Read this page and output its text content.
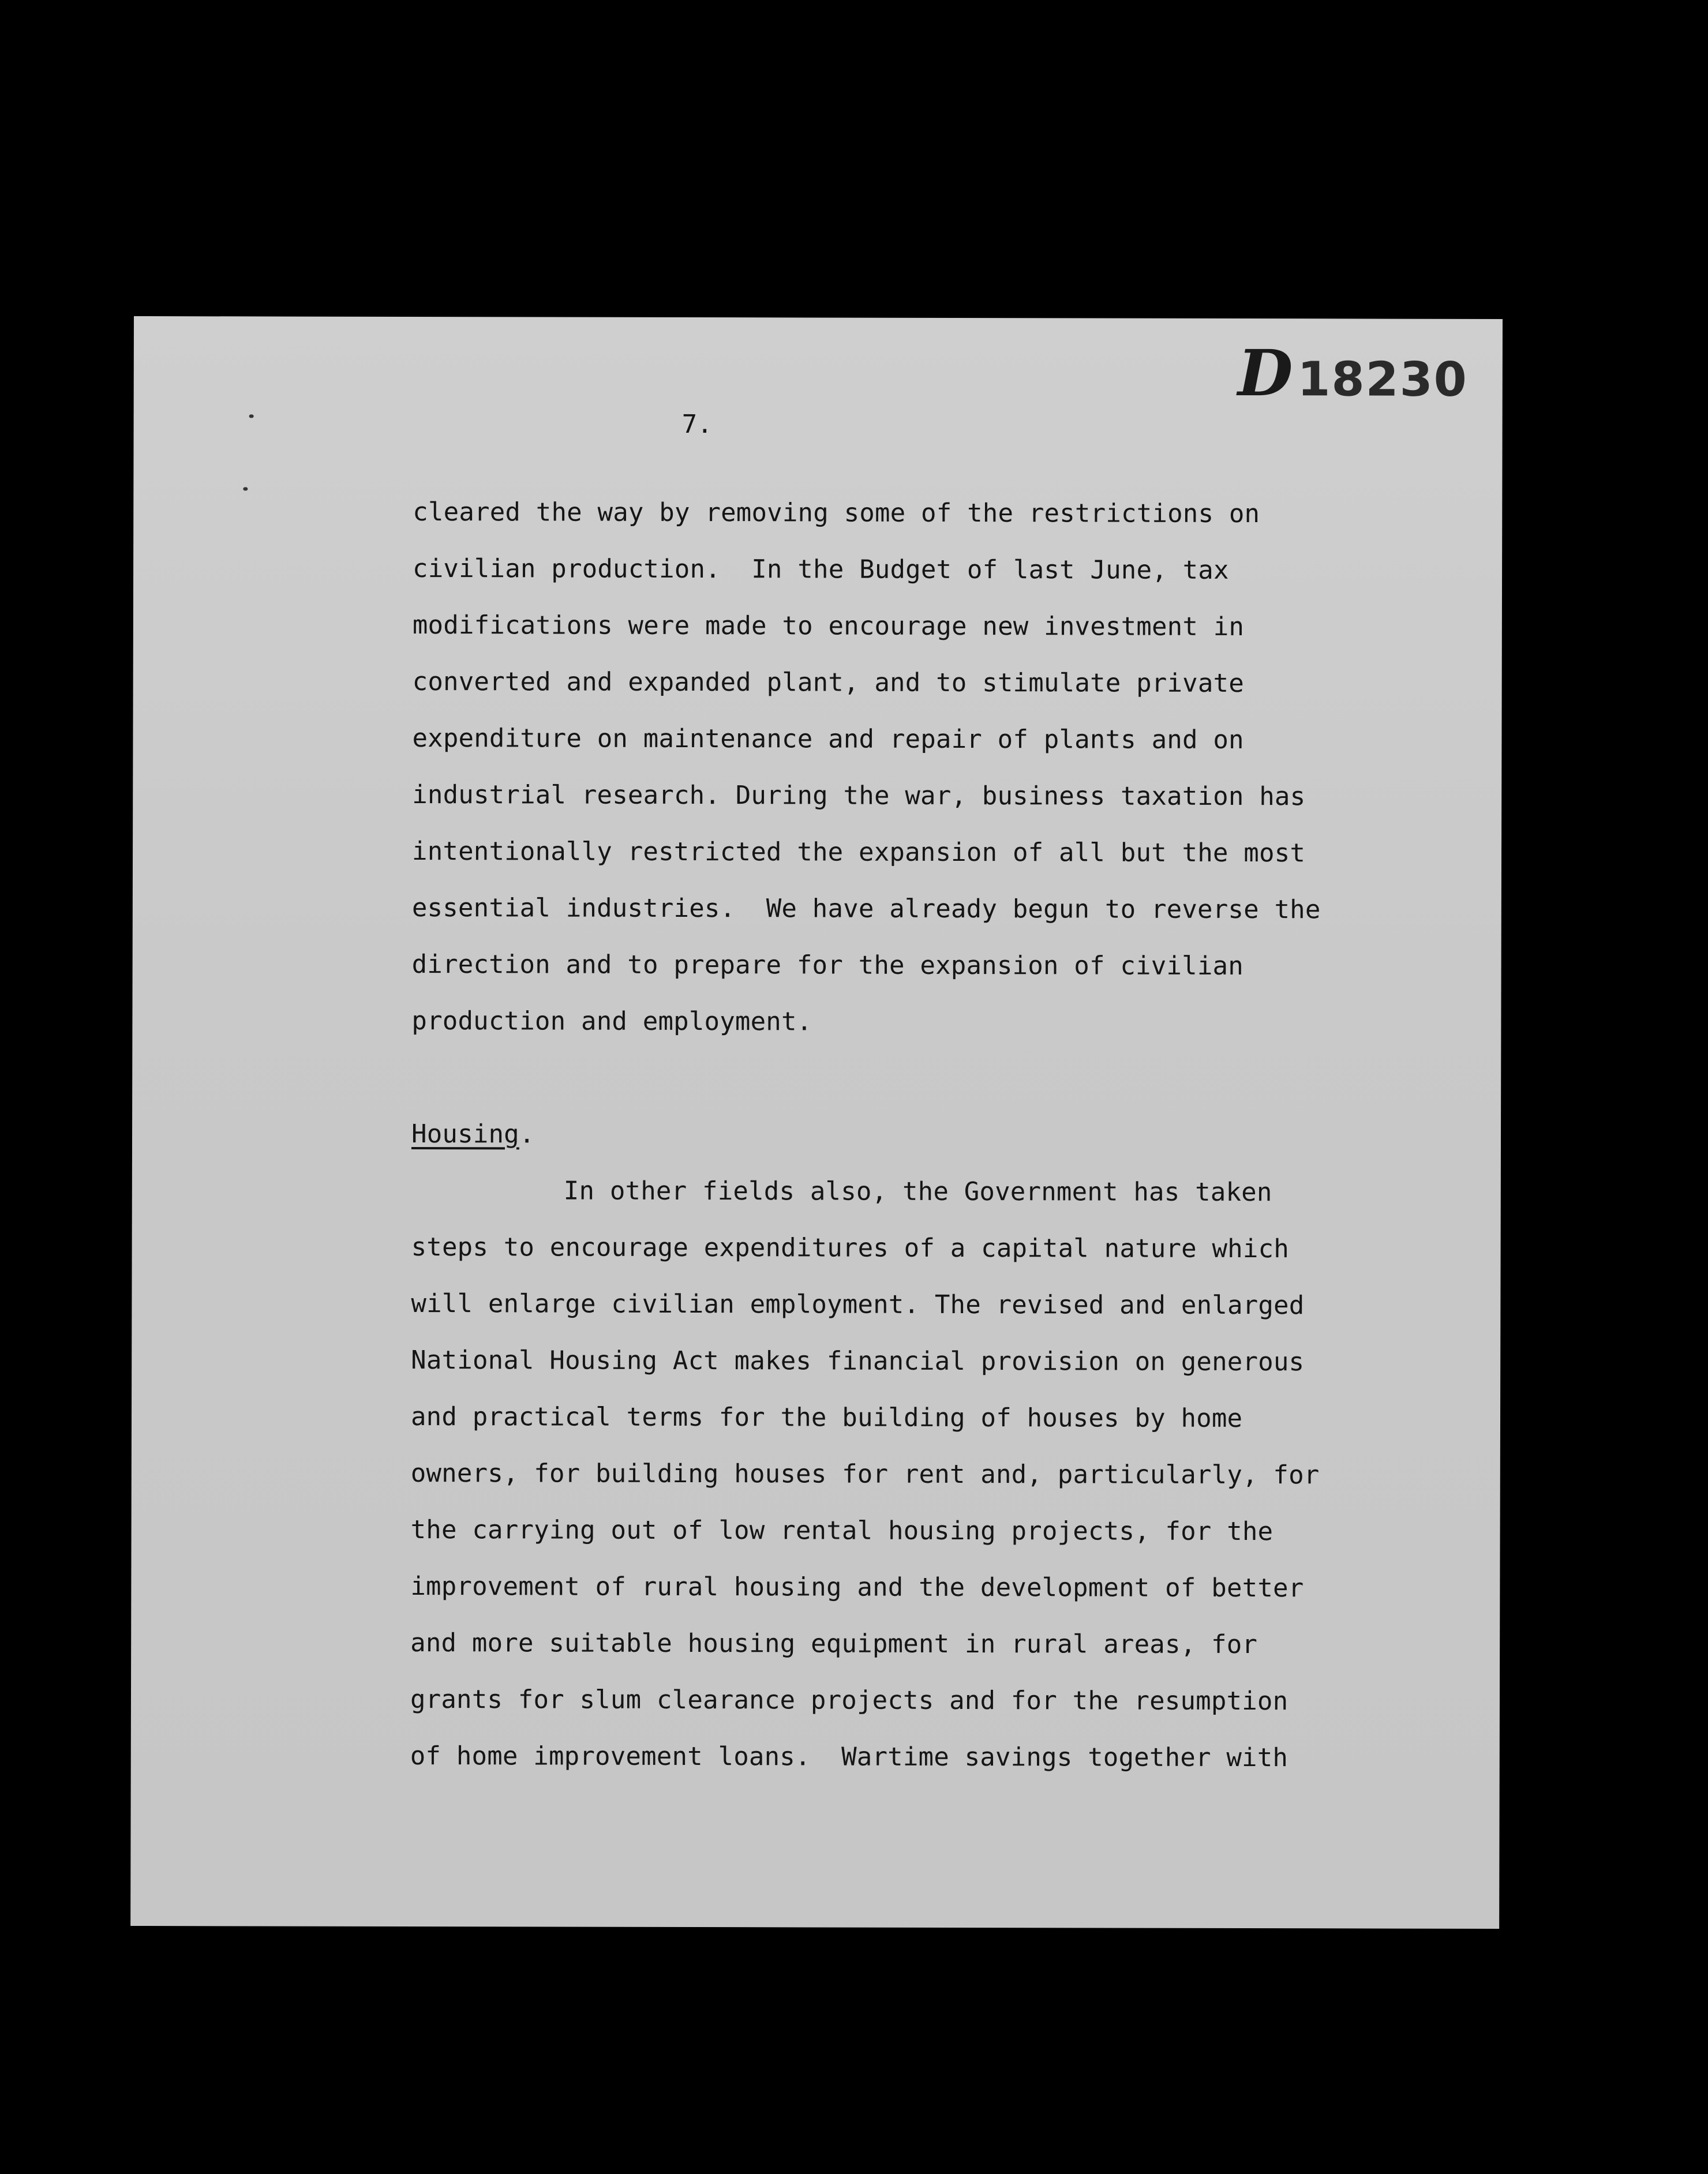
D 18230
7.
cleared the way by removing some of the restrictions on
civilian production.  In the Budget of last June, tax
modifications were made to encourage new investment in
converted and expanded plant, and to stimulate private
expenditure on maintenance and repair of plants and on
industrial research. During the war, business taxation has
intentionally restricted the expansion of all but the most
essential industries.  We have already begun to reverse the
direction and to prepare for the expansion of civilian
production and employment.
Housing.
In other fields also, the Government has taken
steps to encourage expenditures of a capital nature which
will enlarge civilian employment. The revised and enlarged
National Housing Act makes financial provision on generous
and practical terms for the building of houses by home
owners, for building houses for rent and, particularly, for
the carrying out of low rental housing projects, for the
improvement of rural housing and the development of better
and more suitable housing equipment in rural areas, for
grants for slum clearance projects and for the resumption
of home improvement loans.  Wartime savings together with
